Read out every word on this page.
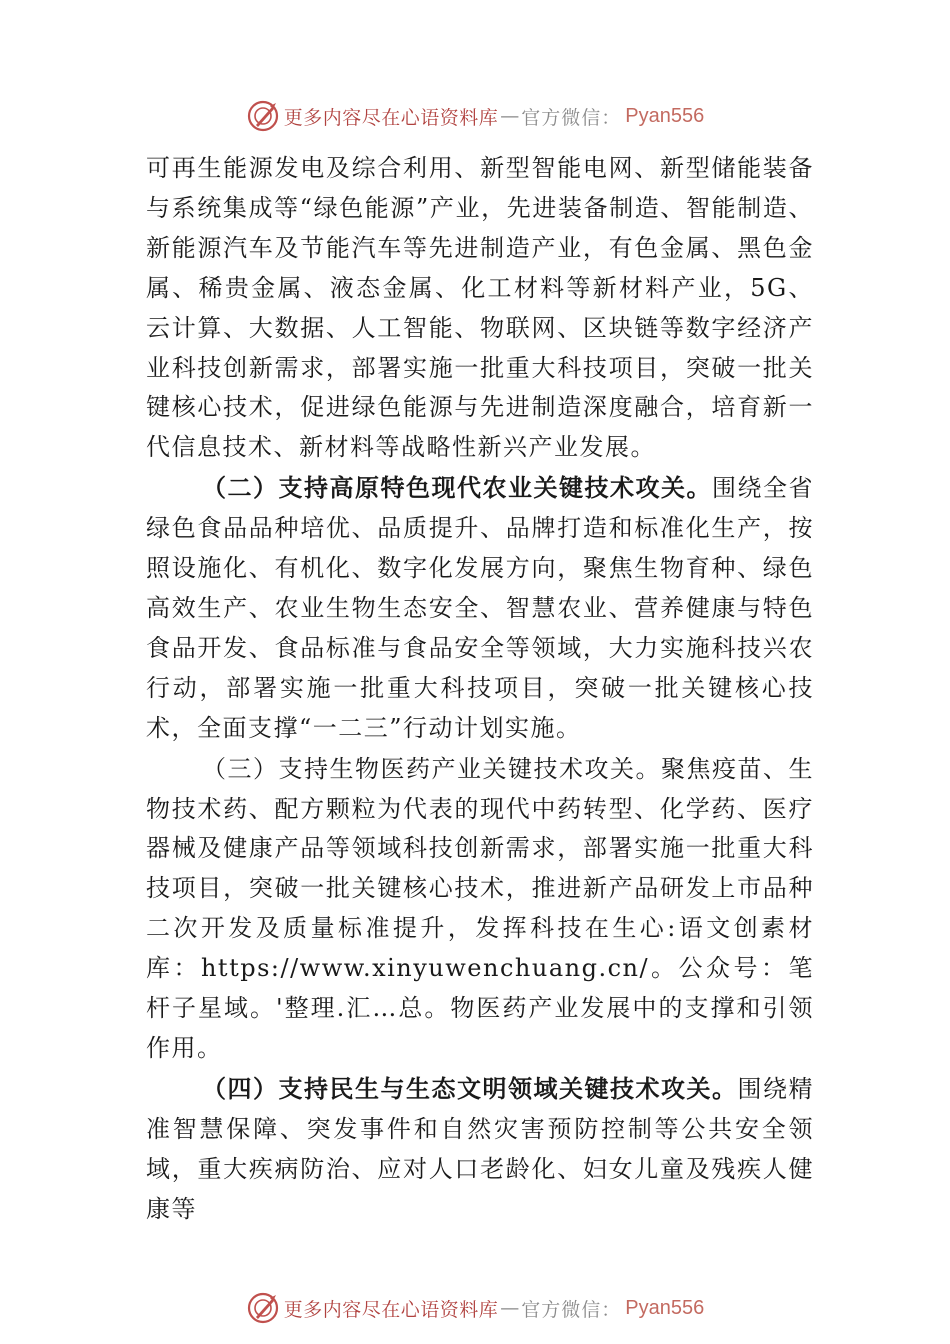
更多内容尽在心语资料库 — 官方微信： Pyan556

可再生能源发电及综合利用、新型智能电网、新型储能装备与系统集成等“绿色能源”产业，先进装备制造、智能制造、新能源汽车及节能汽车等先进制造产业，有色金属、黑色金属、稀贵金属、液态金属、化工材料等新材料产业，5G、云计算、大数据、人工智能、物联网、区块链等数字经济产业科技创新需求，部署实施一批重大科技项目，突破一批关键核心技术，促进绿色能源与先进制造深度融合，培育新一代信息技术、新材料等战略性新兴产业发展。

（二）支持高原特色现代农业关键技术攻关。围绕全省绿色食品品种培优、品质提升、品牌打造和标准化生产，按照设施化、有机化、数字化发展方向，聚焦生物育种、绿色高效生产、农业生物生态安全、智慧农业、营养健康与特色食品开发、食品标准与食品安全等领域，大力实施科技兴农行动，部署实施一批重大科技项目，突破一批关键核心技术，全面支撑“一二三”行动计划实施。

（三）支持生物医药产业关键技术攻关。聚焦疫苗、生 物技术药、配方颗粒为代表的现代中药转型、化学药、医疗器械及健康产品等领域科技创新需求，部署实施一批重大科技项目，突破一批关键核心技术，推进新产品研发上市品种二次开发及质量标准提升，发挥科技在生心:语文创素材库：https://www.xinyuwenchuang.cn/。公众号：笔杆子星域。'整理.汇…总。物医药产业发展中的支撑和引领作用。

（四）支持民生与生态文明领域关键技术攻关。围绕精准智慧保障、突发事件和自然灾害预防控制等公共安全领域，重大疾病防治、应对人口老龄化、妇女儿童及残疾人健康等

更多内容尽在心语资料库 — 官方微信： Pyan556
